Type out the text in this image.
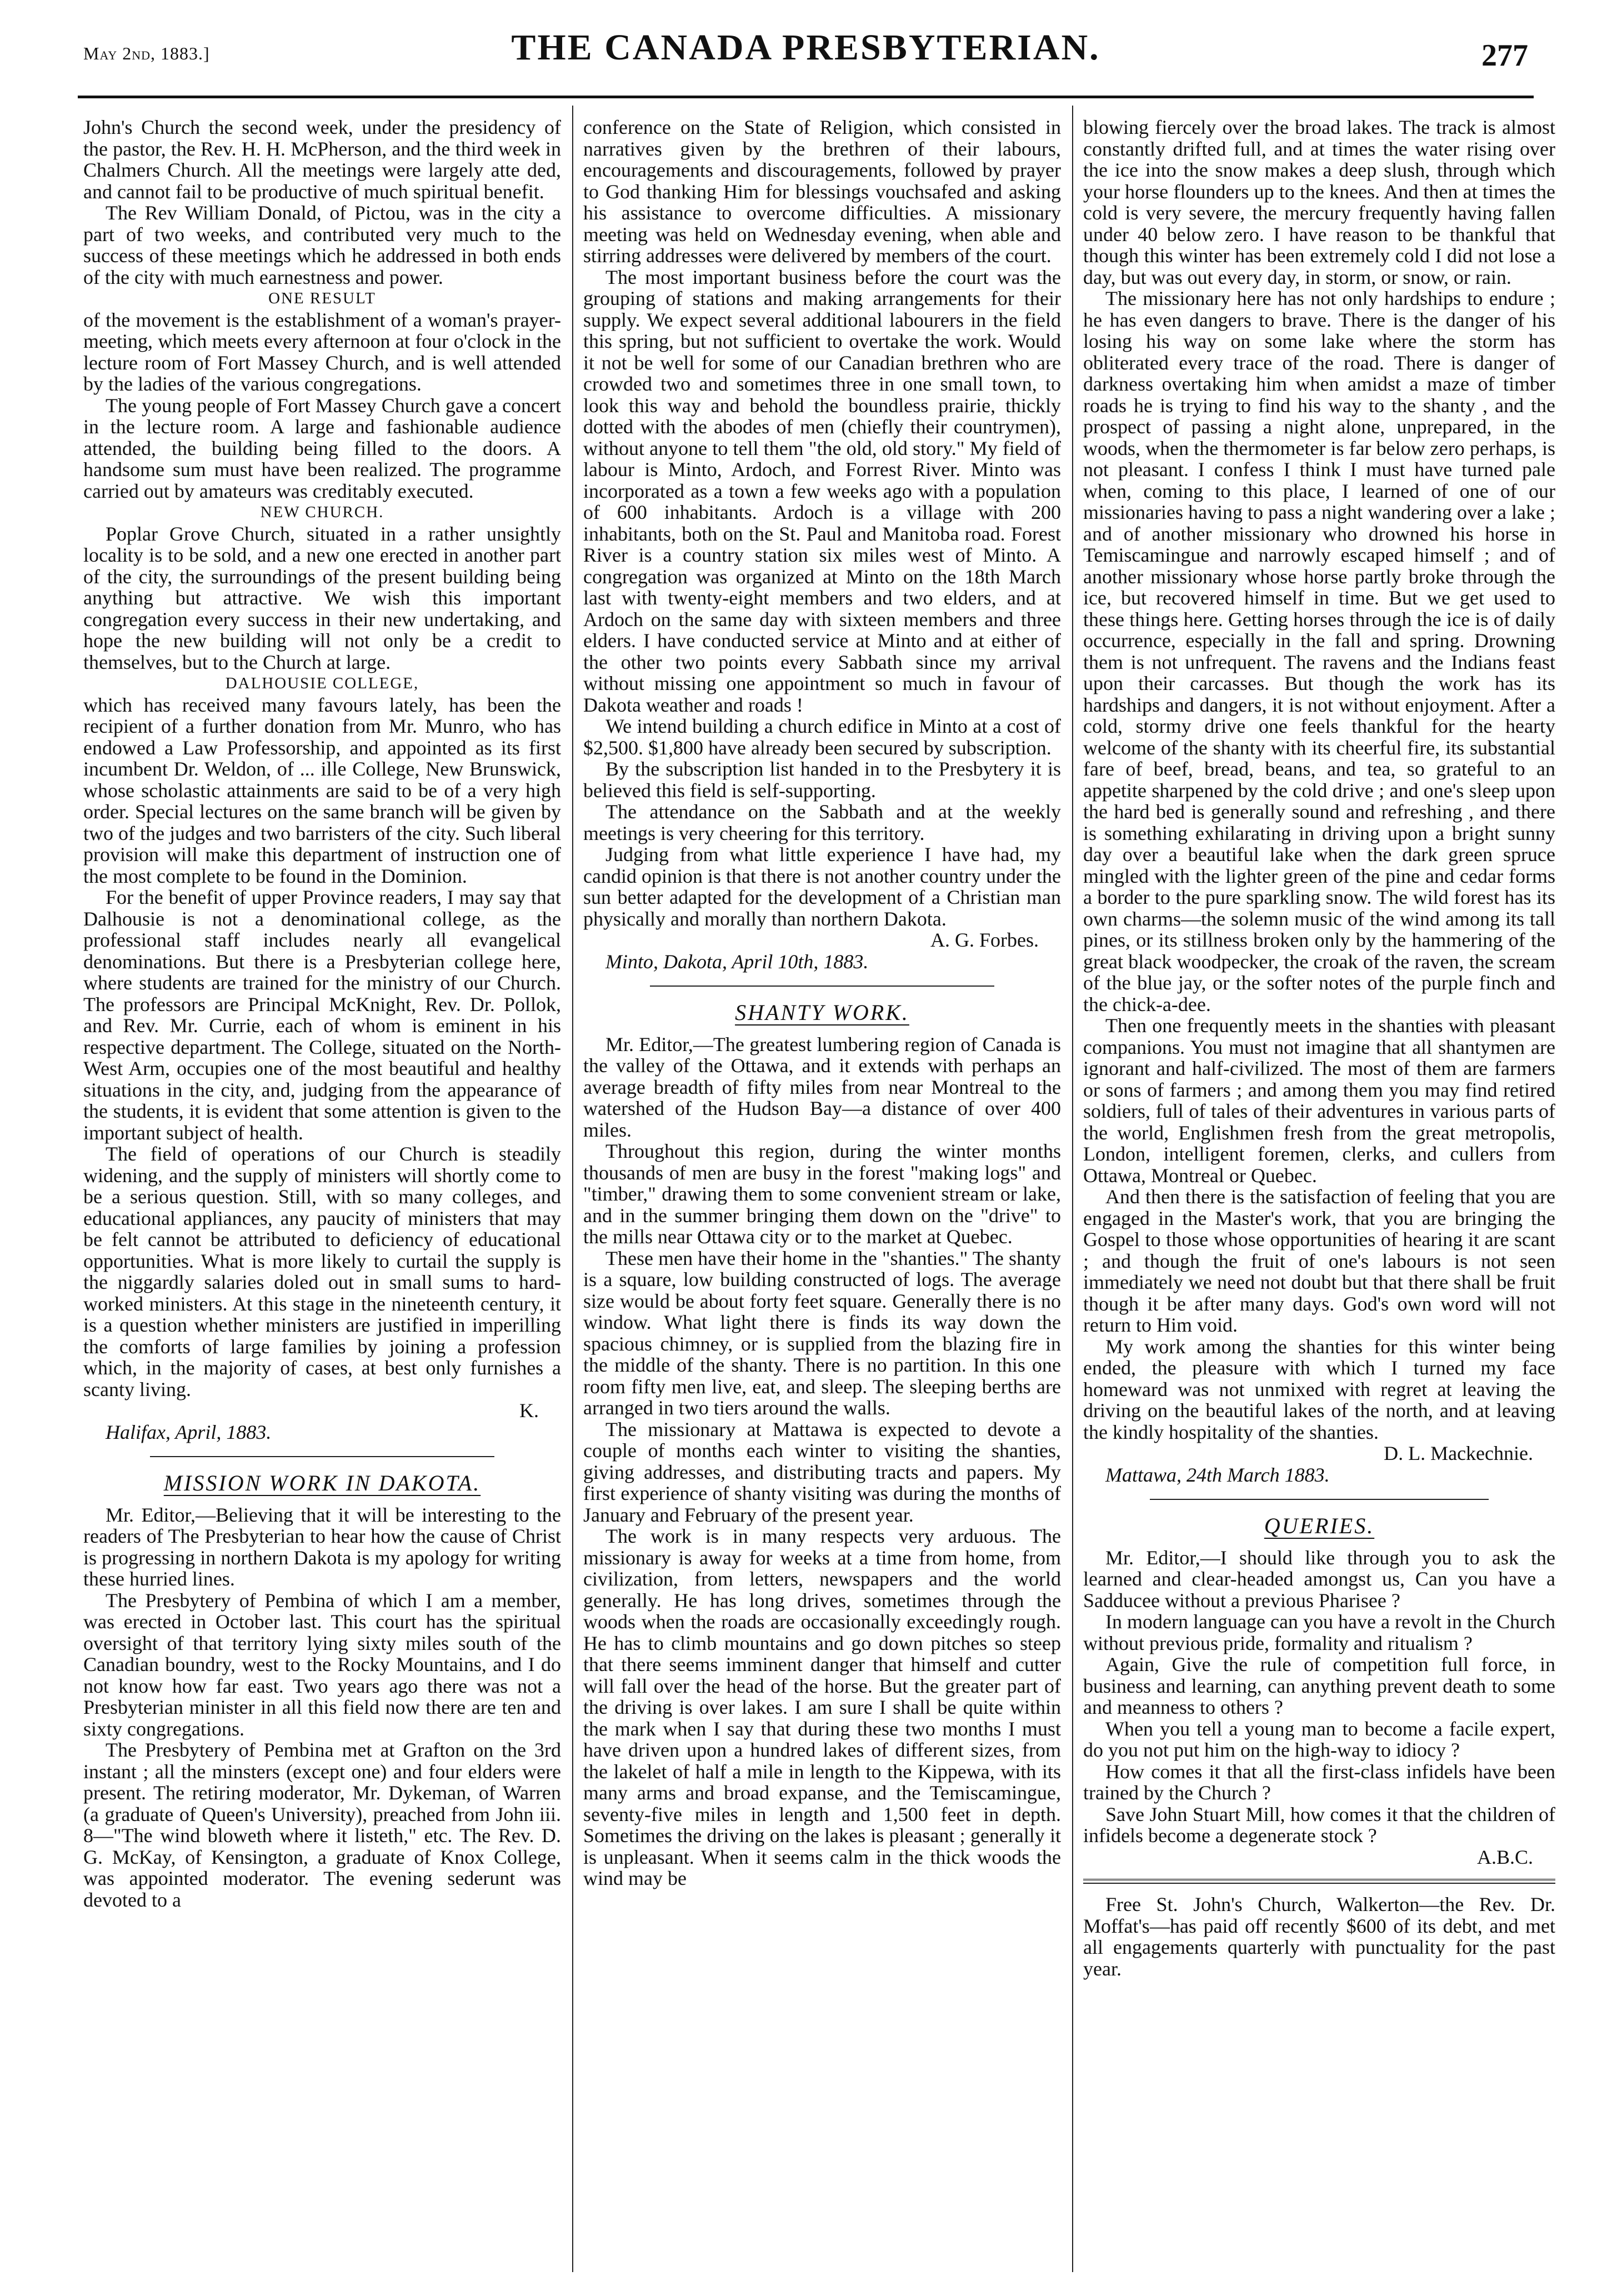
May 2nd, 1883.]	THE CANADA PRESBYTERIAN.	277

John's Church the second week, under the presidency of the pastor, the Rev. H. H. McPherson, and the third week in Chalmers Church. All the meetings were largely atte ded, and cannot fail to be productive of much spiritual benefit.

The Rev William Donald, of Pictou, was in the city a part of two weeks, and contributed very much to the success of these meetings which he addressed in both ends of the city with much earnestness and power.

ONE RESULT

of the movement is the establishment of a woman's prayer-meeting, which meets every afternoon at four o'clock in the lecture room of Fort Massey Church, and is well attended by the ladies of the various congregations.

The young people of Fort Massey Church gave a concert in the lecture room. A large and fashionable audience attended, the building being filled to the doors. A handsome sum must have been realized. The programme carried out by amateurs was creditably executed.

NEW CHURCH.

Poplar Grove Church, situated in a rather unsightly locality is to be sold, and a new one erected in another part of the city, the surroundings of the present building being anything but attractive. We wish this important congregation every success in their new undertaking, and hope the new building will not only be a credit to themselves, but to the Church at large.

DALHOUSIE COLLEGE,

which has received many favours lately, has been the recipient of a further donation from Mr. Munro, who has endowed a Law Professorship, and appointed as its first incumbent Dr. Weldon, of ... ille College, New Brunswick, whose scholastic attainments are said to be of a very high order. Special lectures on the same branch will be given by two of the judges and two barristers of the city. Such liberal provision will make this department of instruction one of the most complete to be found in the Dominion.

For the benefit of upper Province readers, I may say that Dalhousie is not a denominational college, as the professional staff includes nearly all evangelical denominations. But there is a Presbyterian college here, where students are trained for the ministry of our Church. The professors are Principal McKnight, Rev. Dr. Pollok, and Rev. Mr. Currie, each of whom is eminent in his respective department. The College, situated on the North-West Arm, occupies one of the most beautiful and healthy situations in the city, and, judging from the appearance of the students, it is evident that some attention is given to the important subject of health.

The field of operations of our Church is steadily widening, and the supply of ministers will shortly come to be a serious question. Still, with so many colleges, and educational appliances, any paucity of ministers that may be felt cannot be attributed to deficiency of educational opportunities. What is more likely to curtail the supply is the niggardly salaries doled out in small sums to hard-worked ministers. At this stage in the nineteenth century, it is a question whether ministers are justified in imperilling the comforts of large families by joining a profession which, in the majority of cases, at best only furnishes a scanty living.

K.

Halifax, April, 1883.

MISSION WORK IN DAKOTA.

Mr. Editor,—Believing that it will be interesting to the readers of The Presbyterian to hear how the cause of Christ is progressing in northern Dakota is my apology for writing these hurried lines.

The Presbytery of Pembina of which I am a member, was erected in October last. This court has the spiritual oversight of that territory lying sixty miles south of the Canadian boundry, west to the Rocky Mountains, and I do not know how far east. Two years ago there was not a Presbyterian minister in all this field now there are ten and sixty congregations.

The Presbytery of Pembina met at Grafton on the 3rd instant ; all the minsters (except one) and four elders were present. The retiring moderator, Mr. Dykeman, of Warren (a graduate of Queen's University), preached from John iii. 8—"The wind bloweth where it listeth," etc. The Rev. D. G. McKay, of Kensington, a graduate of Knox College, was appointed moderator. The evening sederunt was devoted to a

conference on the State of Religion, which consisted in narratives given by the brethren of their labours, encouragements and discouragements, followed by prayer to God thanking Him for blessings vouchsafed and asking his assistance to overcome difficulties. A missionary meeting was held on Wednesday evening, when able and stirring addresses were delivered by members of the court.

The most important business before the court was the grouping of stations and making arrangements for their supply. We expect several additional labourers in the field this spring, but not sufficient to overtake the work. Would it not be well for some of our Canadian brethren who are crowded two and sometimes three in one small town, to look this way and behold the boundless prairie, thickly dotted with the abodes of men (chiefly their countrymen), without anyone to tell them "the old, old story." My field of labour is Minto, Ardoch, and Forrest River. Minto was incorporated as a town a few weeks ago with a population of 600 inhabitants. Ardoch is a village with 200 inhabitants, both on the St. Paul and Manitoba road. Forest River is a country station six miles west of Minto. A congregation was organized at Minto on the 18th March last with twenty-eight members and two elders, and at Ardoch on the same day with sixteen members and three elders. I have conducted service at Minto and at either of the other two points every Sabbath since my arrival without missing one appointment so much in favour of Dakota weather and roads !

We intend building a church edifice in Minto at a cost of $2,500. $1,800 have already been secured by subscription.

By the subscription list handed in to the Presbytery it is believed this field is self-supporting.

The attendance on the Sabbath and at the weekly meetings is very cheering for this territory.

Judging from what little experience I have had, my candid opinion is that there is not another country under the sun better adapted for the development of a Christian man physically and morally than northern Dakota.

A. G. Forbes.

Minto, Dakota, April 10th, 1883.

SHANTY WORK.

Mr. Editor,—The greatest lumbering region of Canada is the valley of the Ottawa, and it extends with perhaps an average breadth of fifty miles from near Montreal to the watershed of the Hudson Bay—a distance of over 400 miles.

Throughout this region, during the winter months thousands of men are busy in the forest "making logs" and "timber," drawing them to some convenient stream or lake, and in the summer bringing them down on the "drive" to the mills near Ottawa city or to the market at Quebec.

These men have their home in the "shanties." The shanty is a square, low building constructed of logs. The average size would be about forty feet square. Generally there is no window. What light there is finds its way down the spacious chimney, or is supplied from the blazing fire in the middle of the shanty. There is no partition. In this one room fifty men live, eat, and sleep. The sleeping berths are arranged in two tiers around the walls.

The missionary at Mattawa is expected to devote a couple of months each winter to visiting the shanties, giving addresses, and distributing tracts and papers. My first experience of shanty visiting was during the months of January and February of the present year.

The work is in many respects very arduous. The missionary is away for weeks at a time from home, from civilization, from letters, newspapers and the world generally. He has long drives, sometimes through the woods when the roads are occasionally exceedingly rough. He has to climb mountains and go down pitches so steep that there seems imminent danger that himself and cutter will fall over the head of the horse. But the greater part of the driving is over lakes. I am sure I shall be quite within the mark when I say that during these two months I must have driven upon a hundred lakes of different sizes, from the lakelet of half a mile in length to the Kippewa, with its many arms and broad expanse, and the Temiscamingue, seventy-five miles in length and 1,500 feet in depth. Sometimes the driving on the lakes is pleasant ; generally it is unpleasant. When it seems calm in the thick woods the wind may be

blowing fiercely over the broad lakes. The track is almost constantly drifted full, and at times the water rising over the ice into the snow makes a deep slush, through which your horse flounders up to the knees. And then at times the cold is very severe, the mercury frequently having fallen under 40 below zero. I have reason to be thankful that though this winter has been extremely cold I did not lose a day, but was out every day, in storm, or snow, or rain.

The missionary here has not only hardships to endure ; he has even dangers to brave. There is the danger of his losing his way on some lake where the storm has obliterated every trace of the road. There is danger of darkness overtaking him when amidst a maze of timber roads he is trying to find his way to the shanty , and the prospect of passing a night alone, unprepared, in the woods, when the thermometer is far below zero perhaps, is not pleasant. I confess I think I must have turned pale when, coming to this place, I learned of one of our missionaries having to pass a night wandering over a lake ; and of another missionary who drowned his horse in Temiscamingue and narrowly escaped himself ; and of another missionary whose horse partly broke through the ice, but recovered himself in time. But we get used to these things here. Getting horses through the ice is of daily occurrence, especially in the fall and spring. Drowning them is not unfrequent. The ravens and the Indians feast upon their carcasses. But though the work has its hardships and dangers, it is not without enjoyment. After a cold, stormy drive one feels thankful for the hearty welcome of the shanty with its cheerful fire, its substantial fare of beef, bread, beans, and tea, so grateful to an appetite sharpened by the cold drive ; and one's sleep upon the hard bed is generally sound and refreshing , and there is something exhilarating in driving upon a bright sunny day over a beautiful lake when the dark green spruce mingled with the lighter green of the pine and cedar forms a border to the pure sparkling snow. The wild forest has its own charms—the solemn music of the wind among its tall pines, or its stillness broken only by the hammering of the great black woodpecker, the croak of the raven, the scream of the blue jay, or the softer notes of the purple finch and the chick-a-dee.

Then one frequently meets in the shanties with pleasant companions. You must not imagine that all shantymen are ignorant and half-civilized. The most of them are farmers or sons of farmers ; and among them you may find retired soldiers, full of tales of their adventures in various parts of the world, Englishmen fresh from the great metropolis, London, intelligent foremen, clerks, and cullers from Ottawa, Montreal or Quebec.

And then there is the satisfaction of feeling that you are engaged in the Master's work, that you are bringing the Gospel to those whose opportunities of hearing it are scant ; and though the fruit of one's labours is not seen immediately we need not doubt but that there shall be fruit though it be after many days. God's own word will not return to Him void.

My work among the shanties for this winter being ended, the pleasure with which I turned my face homeward was not unmixed with regret at leaving the driving on the beautiful lakes of the north, and at leaving the kindly hospitality of the shanties.

D. L. Mackechnie.

Mattawa, 24th March 1883.

QUERIES.

Mr. Editor,—I should like through you to ask the learned and clear-headed amongst us, Can you have a Sadducee without a previous Pharisee ?

In modern language can you have a revolt in the Church without previous pride, formality and ritualism ?

Again, Give the rule of competition full force, in business and learning, can anything prevent death to some and meanness to others ?

When you tell a young man to become a facile expert, do you not put him on the high-way to idiocy ?

How comes it that all the first-class infidels have been trained by the Church ?

Save John Stuart Mill, how comes it that the children of infidels become a degenerate stock ?

A.B.C.

Free St. John's Church, Walkerton—the Rev. Dr. Moffat's—has paid off recently $600 of its debt, and met all engagements quarterly with punctuality for the past year.
